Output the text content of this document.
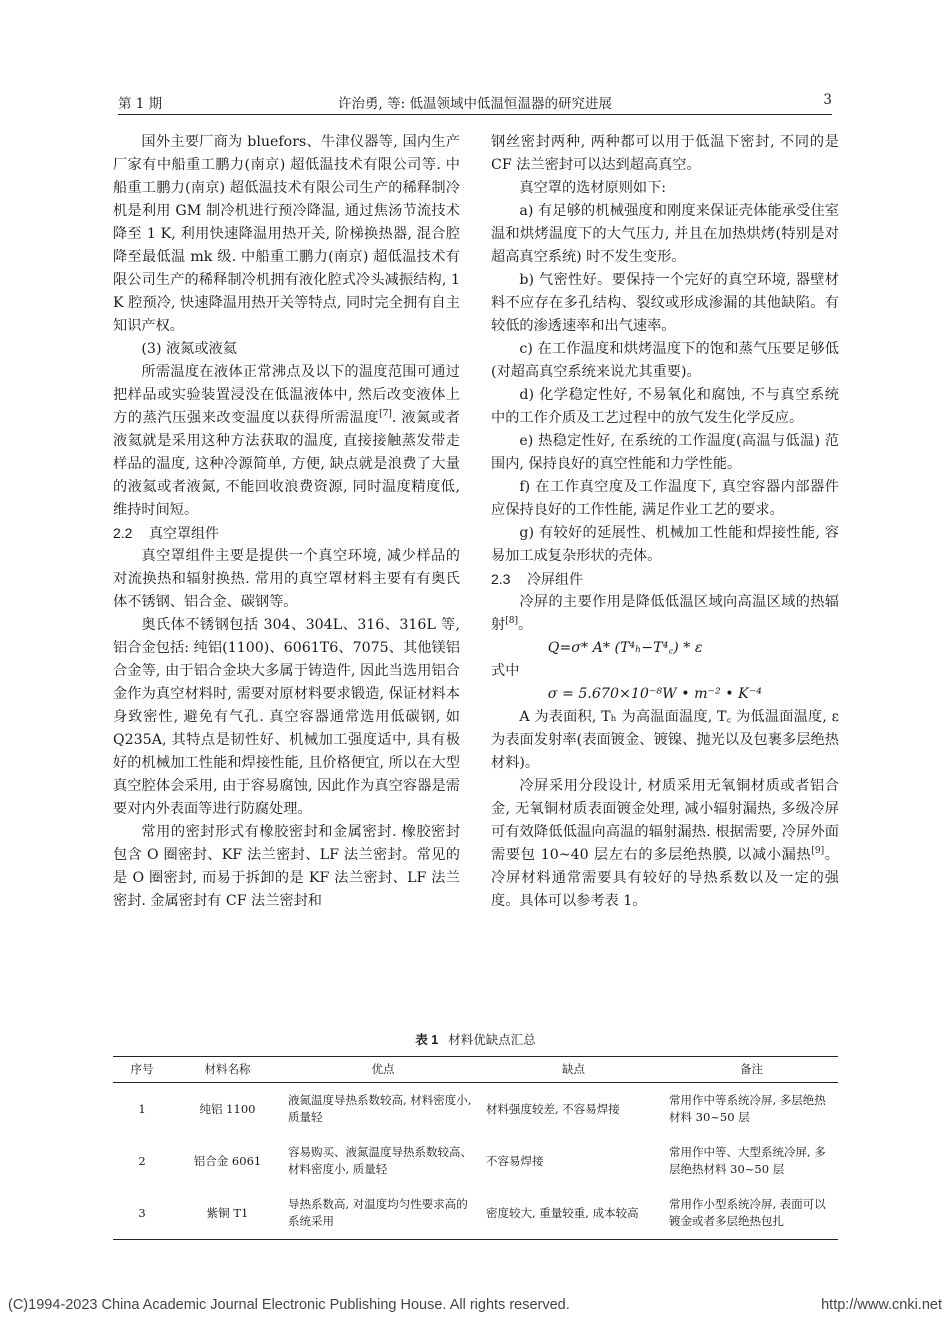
第 1 期	许治勇, 等: 低温领域中低温恒温器的研究进展	3

国外主要厂商为 bluefors、牛津仪器等, 国内生产厂家有中船重工鹏力(南京) 超低温技术有限公司等. 中船重工鹏力(南京) 超低温技术有限公司生产的稀释制冷机是利用 GM 制冷机进行预冷降温, 通过焦汤节流技术降至 1 K, 利用快速降温用热开关, 阶梯换热器, 混合腔降至最低温 mk 级. 中船重工鹏力(南京) 超低温技术有限公司生产的稀释制冷机拥有液化腔式冷头减振结构, 1 K 腔预冷, 快速降温用热开关等特点, 同时完全拥有自主知识产权。

(3) 液氮或液氦

所需温度在液体正常沸点及以下的温度范围可通过把样品或实验装置浸没在低温液体中, 然后改变液体上方的蒸汽压强来改变温度以获得所需温度[7]. 液氮或者液氦就是采用这种方法获取的温度, 直接接触蒸发带走样品的温度, 这种冷源简单, 方便, 缺点就是浪费了大量的液氦或者液氮, 不能回收浪费资源, 同时温度精度低, 维持时间短。

2.2 真空罩组件

真空罩组件主要是提供一个真空环境, 减少样品的对流换热和辐射换热. 常用的真空罩材料主要有有奥氏体不锈钢、铝合金、碳钢等。

奥氏体不锈钢包括 304、304L、316、316L 等, 铝合金包括: 纯铝(1100)、6061T6、7075、其他镁铝合金等, 由于铝合金块大多属于铸造件, 因此当选用铝合金作为真空材料时, 需要对原材料要求锻造, 保证材料本身致密性, 避免有气孔. 真空容器通常选用低碳钢, 如 Q235A, 其特点是韧性好、机械加工强度适中, 具有极好的机械加工性能和焊接性能, 且价格便宜, 所以在大型真空腔体会采用, 由于容易腐蚀, 因此作为真空容器是需要对内外表面等进行防腐处理。

常用的密封形式有橡胶密封和金属密封. 橡胶密封包含 O 圈密封、KF 法兰密封、LF 法兰密封。常见的是 O 圈密封, 而易于拆卸的是 KF 法兰密封、LF 法兰密封. 金属密封有 CF 法兰密封和

钢丝密封两种, 两种都可以用于低温下密封, 不同的是 CF 法兰密封可以达到超高真空。

真空罩的选材原则如下:

a) 有足够的机械强度和刚度来保证壳体能承受住室温和烘烤温度下的大气压力, 并且在加热烘烤(特别是对超高真空系统) 时不发生变形。

b) 气密性好。要保持一个完好的真空环境, 器壁材料不应存在多孔结构、裂纹或形成渗漏的其他缺陷。有较低的渗透速率和出气速率。

c) 在工作温度和烘烤温度下的饱和蒸气压要足够低(对超高真空系统来说尤其重要)。

d) 化学稳定性好, 不易氧化和腐蚀, 不与真空系统中的工作介质及工艺过程中的放气发生化学反应。

e) 热稳定性好, 在系统的工作温度(高温与低温) 范围内, 保持良好的真空性能和力学性能。

f) 在工作真空度及工作温度下, 真空容器内部器件应保持良好的工作性能, 满足作业工艺的要求。

g) 有较好的延展性、机械加工性能和焊接性能, 容易加工成复杂形状的壳体。

2.3 冷屏组件

冷屏的主要作用是降低低温区域向高温区域的热辐射[8]。

Q=σ* A* (T⁴ₕ−T⁴꜀) * ε

式中

σ = 5.670×10⁻⁸W • m⁻² • K⁻⁴

A 为表面积, Tₕ 为高温面温度, T꜀ 为低温面温度, ε 为表面发射率(表面镀金、镀镍、抛光以及包裹多层绝热材料)。

冷屏采用分段设计, 材质采用无氧铜材质或者铝合金, 无氧铜材质表面镀金处理, 减小辐射漏热, 多级冷屏可有效降低低温向高温的辐射漏热. 根据需要, 冷屏外面需要包 10~40 层左右的多层绝热膜, 以减小漏热[9]。冷屏材料通常需要具有较好的导热系数以及一定的强度。具体可以参考表 1。

表 1 材料优缺点汇总
序号	材料名称	优点	缺点	备注
1	纯铝 1100	液氮温度导热系数较高, 材料密度小, 质量轻	材料强度较差, 不容易焊接	常用作中等系统冷屏, 多层绝热材料 30~50 层
2	铝合金 6061	容易购买、液氮温度导热系数较高、材料密度小, 质量轻	不容易焊接	常用作中等、大型系统冷屏, 多层绝热材料 30~50 层
3	紫铜 T1	导热系数高, 对温度均匀性要求高的系统采用	密度较大, 重量较重, 成本较高	常用作小型系统冷屏, 表面可以镀金或者多层绝热包扎
(C)1994-2023 China Academic Journal Electronic Publishing House. All rights reserved.	http://www.cnki.net
